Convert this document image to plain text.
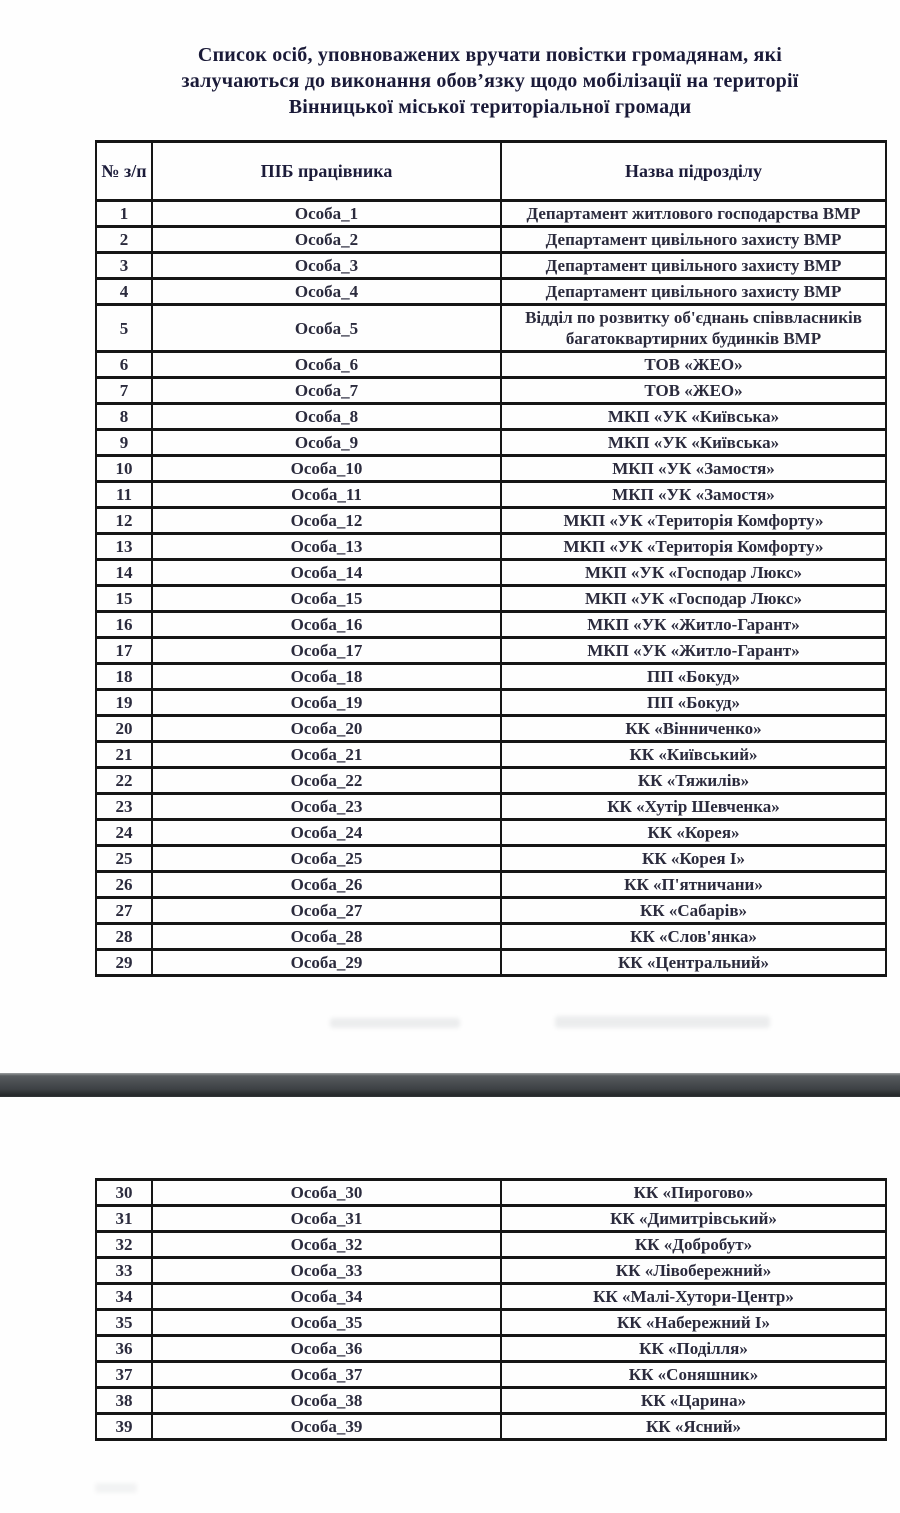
Список осіб, уповноважених вручати повістки громадянам, які
залучаються до виконання обов’язку щодо мобілізації на території
Вінницької міської територіальної громади
№ з/п	ПІБ працівника	Назва підрозділу
1	Особа_1	Департамент житлового господарства ВМР
2	Особа_2	Департамент цивільного захисту ВМР
3	Особа_3	Департамент цивільного захисту ВМР
4	Особа_4	Департамент цивільного захисту ВМР
5	Особа_5	Відділ по розвитку об'єднань співвласників багатоквартирних будинків ВМР
6	Особа_6	ТОВ «ЖЕО»
7	Особа_7	ТОВ «ЖЕО»
8	Особа_8	МКП «УК «Київська»
9	Особа_9	МКП «УК «Київська»
10	Особа_10	МКП «УК «Замостя»
11	Особа_11	МКП «УК «Замостя»
12	Особа_12	МКП «УК «Територія Комфорту»
13	Особа_13	МКП «УК «Територія Комфорту»
14	Особа_14	МКП «УК «Господар Люкс»
15	Особа_15	МКП «УК «Господар Люкс»
16	Особа_16	МКП «УК «Житло-Гарант»
17	Особа_17	МКП «УК «Житло-Гарант»
18	Особа_18	ПП «Бокуд»
19	Особа_19	ПП «Бокуд»
20	Особа_20	КК «Вінниченко»
21	Особа_21	КК «Київський»
22	Особа_22	КК «Тяжилів»
23	Особа_23	КК «Хутір Шевченка»
24	Особа_24	КК «Корея»
25	Особа_25	КК «Корея І»
26	Особа_26	КК «П'ятничани»
27	Особа_27	КК «Сабарів»
28	Особа_28	КК «Слов'янка»
29	Особа_29	КК «Центральний»
30	Особа_30	КК «Пирогово»
31	Особа_31	КК «Димитрівський»
32	Особа_32	КК «Добробут»
33	Особа_33	КК «Лівобережний»
34	Особа_34	КК «Малі-Хутори-Центр»
35	Особа_35	КК «Набережний І»
36	Особа_36	КК «Поділля»
37	Особа_37	КК «Соняшник»
38	Особа_38	КК «Царина»
39	Особа_39	КК «Ясний»
